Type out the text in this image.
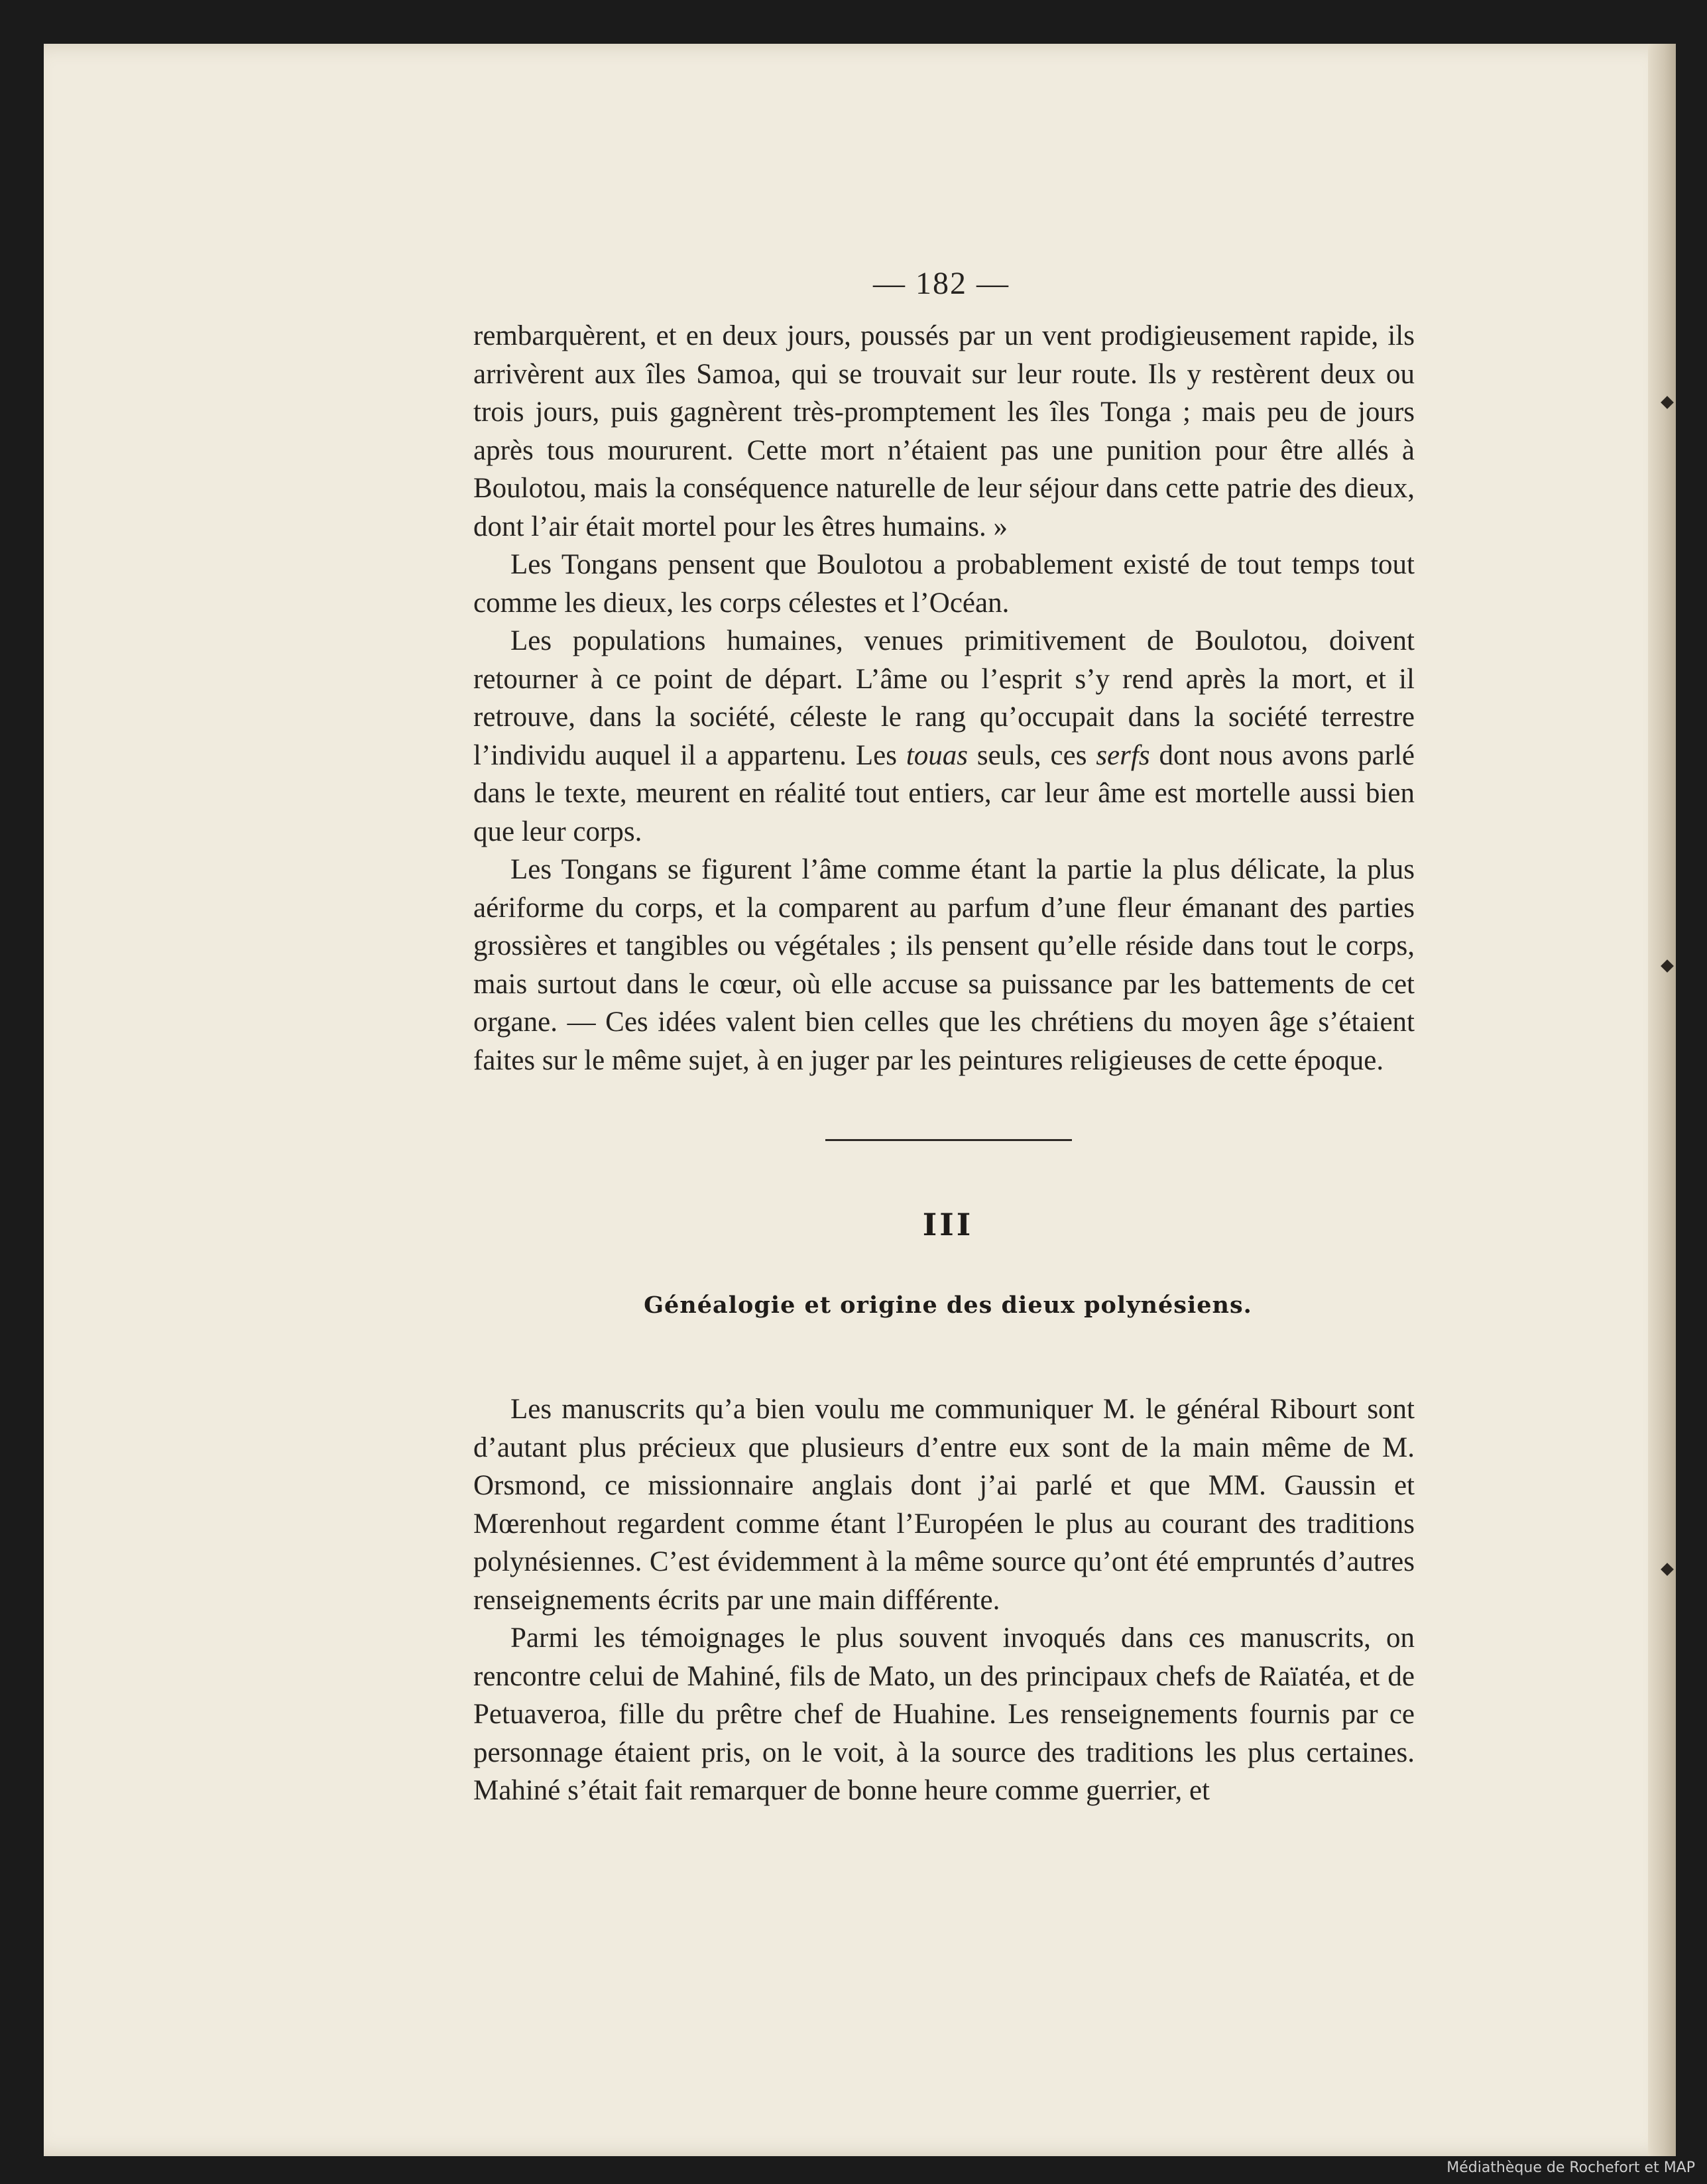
— 182 —

rembarquèrent, et en deux jours, poussés par un vent prodigieusement rapide, ils arrivèrent aux îles Samoa, qui se trouvait sur leur route. Ils y restèrent deux ou trois jours, puis gagnèrent très-promptement les îles Tonga ; mais peu de jours après tous moururent. Cette mort n’étaient pas une punition pour être allés à Boulotou, mais la conséquence naturelle de leur séjour dans cette patrie des dieux, dont l’air était mortel pour les êtres humains. »

Les Tongans pensent que Boulotou a probablement existé de tout temps tout comme les dieux, les corps célestes et l’Océan.

Les populations humaines, venues primitivement de Boulotou, doivent retourner à ce point de départ. L’âme ou l’esprit s’y rend après la mort, et il retrouve, dans la société, céleste le rang qu’occupait dans la société terrestre l’individu auquel il a appartenu. Les touas seuls, ces serfs dont nous avons parlé dans le texte, meurent en réalité tout entiers, car leur âme est mortelle aussi bien que leur corps.

Les Tongans se figurent l’âme comme étant la partie la plus délicate, la plus aériforme du corps, et la comparent au parfum d’une fleur émanant des parties grossières et tangibles ou végétales ; ils pensent qu’elle réside dans tout le corps, mais surtout dans le cœur, où elle accuse sa puissance par les battements de cet organe. — Ces idées valent bien celles que les chrétiens du moyen âge s’étaient faites sur le même sujet, à en juger par les peintures religieuses de cette époque.

III
Généalogie et origine des dieux polynésiens.

Les manuscrits qu’a bien voulu me communiquer M. le général Ribourt sont d’autant plus précieux que plusieurs d’entre eux sont de la main même de M. Orsmond, ce missionnaire anglais dont j’ai parlé et que MM. Gaussin et Mœrenhout regardent comme étant l’Européen le plus au courant des traditions polynésiennes. C’est évidemment à la même source qu’ont été empruntés d’autres renseignements écrits par une main différente.

Parmi les témoignages le plus souvent invoqués dans ces manuscrits, on rencontre celui de Mahiné, fils de Mato, un des principaux chefs de Raïatéa, et de Petuaveroa, fille du prêtre chef de Huahine. Les renseignements fournis par ce personnage étaient pris, on le voit, à la source des traditions les plus certaines. Mahiné s’était fait remarquer de bonne heure comme guerrier, et

Médiathèque de Rochefort et MAP
